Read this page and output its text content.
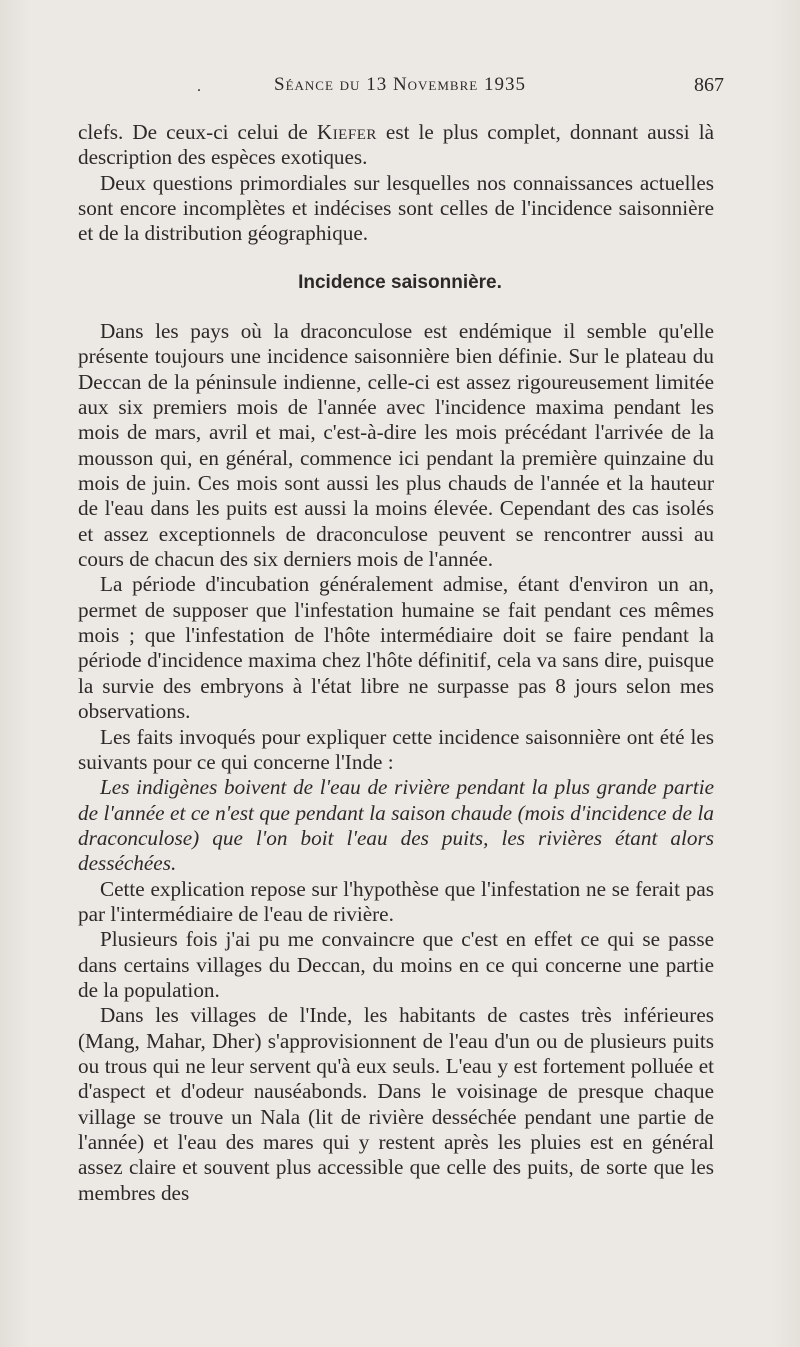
.	Séance du 13 Novembre 1935	867

clefs. De ceux-ci celui de Kiefer est le plus complet, donnant aussi là description des espèces exotiques.

Deux questions primordiales sur lesquelles nos connaissances actuelles sont encore incomplètes et indécises sont celles de l'incidence saisonnière et de la distribution géographique.

Incidence saisonnière.

Dans les pays où la draconculose est endémique il semble qu'elle présente toujours une incidence saisonnière bien définie. Sur le plateau du Deccan de la péninsule indienne, celle-ci est assez rigoureusement limitée aux six premiers mois de l'année avec l'incidence maxima pendant les mois de mars, avril et mai, c'est-à-dire les mois précédant l'arrivée de la mousson qui, en général, commence ici pendant la première quinzaine du mois de juin. Ces mois sont aussi les plus chauds de l'année et la hauteur de l'eau dans les puits est aussi la moins élevée. Cependant des cas isolés et assez exceptionnels de draconculose peuvent se rencontrer aussi au cours de chacun des six derniers mois de l'année.

La période d'incubation généralement admise, étant d'environ un an, permet de supposer que l'infestation humaine se fait pendant ces mêmes mois ; que l'infestation de l'hôte intermédiaire doit se faire pendant la période d'incidence maxima chez l'hôte définitif, cela va sans dire, puisque la survie des embryons à l'état libre ne surpasse pas 8 jours selon mes observations.

Les faits invoqués pour expliquer cette incidence saisonnière ont été les suivants pour ce qui concerne l'Inde :

Les indigènes boivent de l'eau de rivière pendant la plus grande partie de l'année et ce n'est que pendant la saison chaude (mois d'incidence de la draconculose) que l'on boit l'eau des puits, les rivières étant alors desséchées.

Cette explication repose sur l'hypothèse que l'infestation ne se ferait pas par l'intermédiaire de l'eau de rivière.

Plusieurs fois j'ai pu me convaincre que c'est en effet ce qui se passe dans certains villages du Deccan, du moins en ce qui concerne une partie de la population.

Dans les villages de l'Inde, les habitants de castes très inférieures (Mang, Mahar, Dher) s'approvisionnent de l'eau d'un ou de plusieurs puits ou trous qui ne leur servent qu'à eux seuls. L'eau y est fortement polluée et d'aspect et d'odeur nauséabonds. Dans le voisinage de presque chaque village se trouve un Nala (lit de rivière desséchée pendant une partie de l'année) et l'eau des mares qui y restent après les pluies est en général assez claire et souvent plus accessible que celle des puits, de sorte que les membres des
